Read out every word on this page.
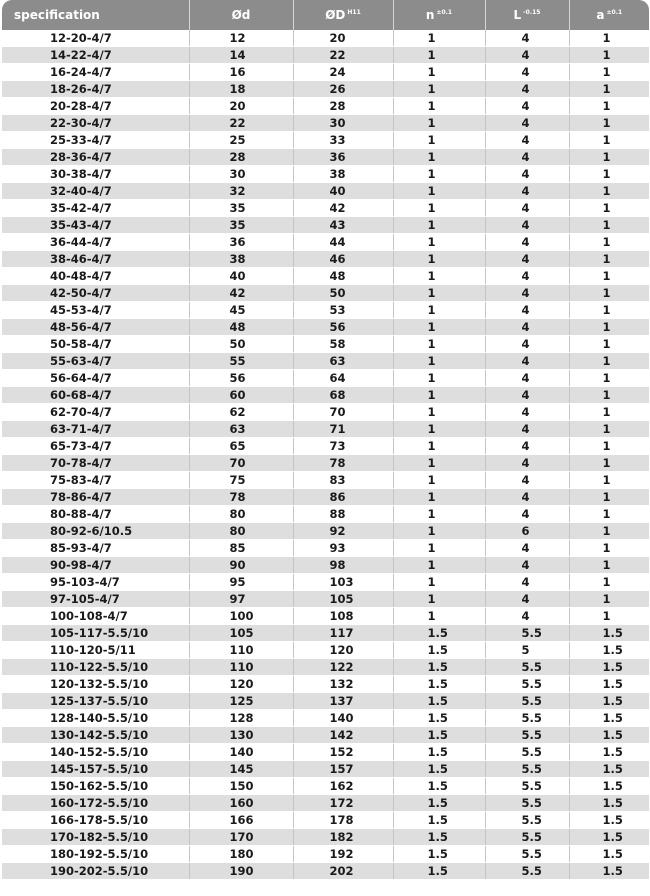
specification	Ød	ØD $^{H11}$	n $^{\pm 0.1}$	L $^{-0.15}$	a $^{\pm 0.1}$
12-20-4/7	12	20	1	4	1
14-22-4/7	14	22	1	4	1
16-24-4/7	16	24	1	4	1
18-26-4/7	18	26	1	4	1
20-28-4/7	20	28	1	4	1
22-30-4/7	22	30	1	4	1
25-33-4/7	25	33	1	4	1
28-36-4/7	28	36	1	4	1
30-38-4/7	30	38	1	4	1
32-40-4/7	32	40	1	4	1
35-42-4/7	35	42	1	4	1
35-43-4/7	35	43	1	4	1
36-44-4/7	36	44	1	4	1
38-46-4/7	38	46	1	4	1
40-48-4/7	40	48	1	4	1
42-50-4/7	42	50	1	4	1
45-53-4/7	45	53	1	4	1
48-56-4/7	48	56	1	4	1
50-58-4/7	50	58	1	4	1
55-63-4/7	55	63	1	4	1
56-64-4/7	56	64	1	4	1
60-68-4/7	60	68	1	4	1
62-70-4/7	62	70	1	4	1
63-71-4/7	63	71	1	4	1
65-73-4/7	65	73	1	4	1
70-78-4/7	70	78	1	4	1
75-83-4/7	75	83	1	4	1
78-86-4/7	78	86	1	4	1
80-88-4/7	80	88	1	4	1
80-92-6/10.5	80	92	1	6	1
85-93-4/7	85	93	1	4	1
90-98-4/7	90	98	1	4	1
95-103-4/7	95	103	1	4	1
97-105-4/7	97	105	1	4	1
100-108-4/7	100	108	1	4	1
105-117-5.5/10	105	117	1.5	5.5	1.5
110-120-5/11	110	120	1.5	5	1.5
110-122-5.5/10	110	122	1.5	5.5	1.5
120-132-5.5/10	120	132	1.5	5.5	1.5
125-137-5.5/10	125	137	1.5	5.5	1.5
128-140-5.5/10	128	140	1.5	5.5	1.5
130-142-5.5/10	130	142	1.5	5.5	1.5
140-152-5.5/10	140	152	1.5	5.5	1.5
145-157-5.5/10	145	157	1.5	5.5	1.5
150-162-5.5/10	150	162	1.5	5.5	1.5
160-172-5.5/10	160	172	1.5	5.5	1.5
166-178-5.5/10	166	178	1.5	5.5	1.5
170-182-5.5/10	170	182	1.5	5.5	1.5
180-192-5.5/10	180	192	1.5	5.5	1.5
190-202-5.5/10	190	202	1.5	5.5	1.5
